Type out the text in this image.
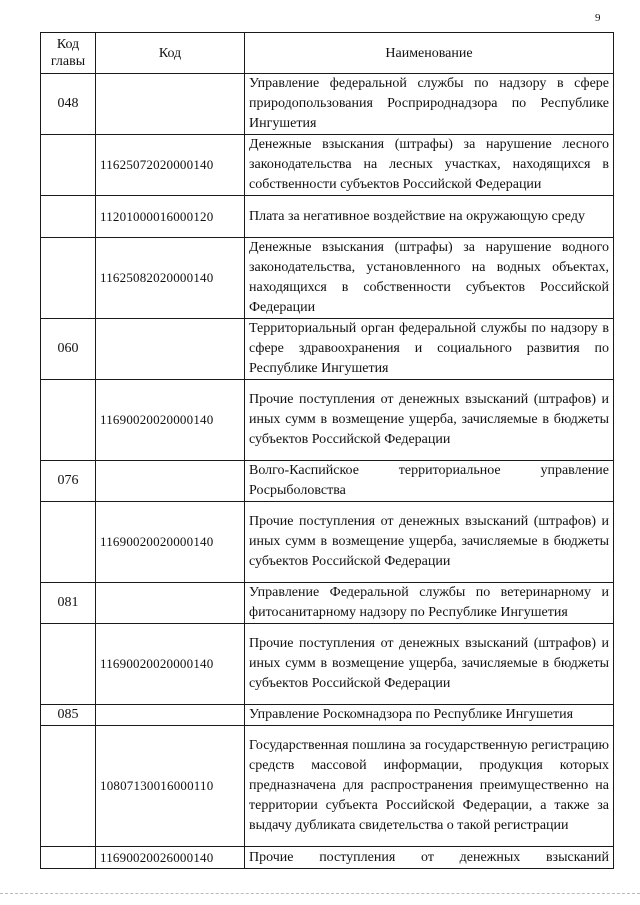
9
Код главы	Код	Наименование
048		Управление федеральной службы по надзору в сфере природопользования Росприроднадзора по Республике Ингушетия
	11625072020000140	Денежные взыскания (штрафы) за нарушение лесного законодательства на лесных участках, находящихся в собственности субъектов Российской Федерации
	11201000016000120	Плата за негативное воздействие на окружающую среду
	11625082020000140	Денежные взыскания (штрафы) за нарушение водного законодательства, установленного на водных объектах, находящихся в собственности субъектов Российской Федерации
060		Территориальный орган федеральной службы по надзору в сфере здравоохранения и социального развития по Республике Ингушетия
	11690020020000140	Прочие поступления от денежных взысканий (штрафов) и иных сумм в возмещение ущерба, зачисляемые в бюджеты субъектов Российской Федерации
076		Волго-Каспийское территориальное управление Росрыболовства
	11690020020000140	Прочие поступления от денежных взысканий (штрафов) и иных сумм в возмещение ущерба, зачисляемые в бюджеты субъектов Российской Федерации
081		Управление Федеральной службы по ветеринарному и фитосанитарному надзору по Республике Ингушетия
	11690020020000140	Прочие поступления от денежных взысканий (штрафов) и иных сумм в возмещение ущерба, зачисляемые в бюджеты субъектов Российской Федерации
085		Управление Роскомнадзора по Республике Ингушетия
	10807130016000110	Государственная пошлина за государственную регистрацию средств массовой информации, продукция которых предназначена для распространения преимущественно на территории субъекта Российской Федерации, а также за выдачу дубликата свидетельства о такой регистрации
	11690020026000140	Прочие поступления от денежных взысканий
